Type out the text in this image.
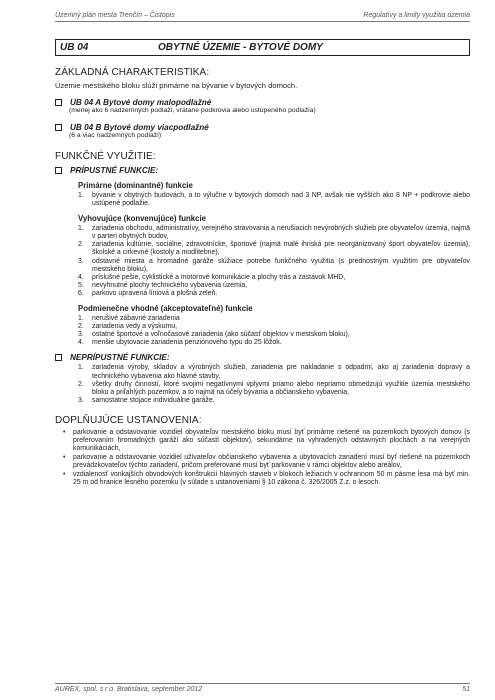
Územný plán mesta Trenčín – Čistopis	Regulatívy a limity využitia územia
UB 04	OBYTNÉ ÚZEMIE - BYTOVÉ DOMY
ZÁKLADNÁ CHARAKTERISTIKA:
Územie mestského bloku slúži primárne na bývanie v bytových domoch.
UB 04 A Bytové domy malopodlažné
(menej ako 6 nadzemných podlaží, vrátane podkrovia alebo ustúpeného podlažia)
UB 04 B Bytové domy viacpodlažné
(6 a viac nadzemných podlaží)
FUNKČNÉ VYUŽITIE:
PRÍPUSTNÉ FUNKCIE:
Primárne (dominantné) funkcie
1.	bývanie v obytných budovách, a to výlučne v bytových domoch nad 3 NP, avšak nie vyšších ako 8 NP + podkrovie alebo ustúpené podlažie.
Vyhovujúce (konvenujúce) funkcie
1.	zariadenia obchodu, administratívy, verejného stravovania a nerušiacich nevýrobných služieb pre obyvateľov územia, najmä v parteri obytných budov,
2.	zariadenia kultúrne, sociálne, zdravotnícke, športové (najmä malé ihriská pre neorganizovaný šport obyvateľov územia), školské a cirkevné (kostoly a modlitebne),
3.	odstavné miesta a hromadné garáže slúžiace potrebe funkčného využitia (s prednostným využitím pre obyvateľov mestského bloku),
4.	príslušné pešie, cyklistické a motorové komunikácie a plochy trás a zastávok MHD,
5.	nevyhnutné plochy technického vybavenia územia,
6.	parkovo upravená líniová a plošná zeleň.
Podmienečne vhodné (akceptovateľné) funkcie
1.	nerušivé zábavné zariadenia
2.	zariadenia vedy a výskumu,
3.	ostatné športové a voľnočasové zariadenia (ako súčasť objektov v mestskom bloku),
4.	menšie ubytovacie zariadenia penziónového typu do 25 lôžok.
NEPRÍPUSTNÉ FUNKCIE:
1.	zariadenia výroby, skladov a výrobných služieb, zariadenia pre nakladanie s odpadmi, ako aj zariadenia dopravy a technického vybavenia ako hlavné stavby,
2.	všetky druhy činností, ktoré svojimi negatívnymi vplyvmi priamo alebo nepriamo obmedzujú využitie územia mestského bloku a priľahlých pozemkov, a to najmä na účely bývania a občianskeho vybavenia,
3.	samostatne stojace individuálne garáže.
DOPLŇUJÚCE USTANOVENIA:
•	parkovanie a odstavovanie vozidiel obyvateľov mestského bloku musí byť primárne riešené na pozemkoch bytových domov (s preferovaním hromadných garáží ako súčastí objektov), sekundárne na vyhradených odstavných plochách a na verejných komunikáciách,
•	parkovanie a odstavovanie vozidiel užívateľov občianskeho vybavenia a ubytovacích zariadení musí byť riešené na pozemkoch prevádzkovateľov týchto zariadení, pričom preferované musí byť parkovanie v rámci objektov alebo areálov,
•	vzdialenosť vonkajších obvodových konštrukcií hlavných stavieb v blokoch ležiacich v ochrannom 50 m pásme lesa má byť min. 25 m od hranice lesného pozemku (v súlade s ustanoveniami § 10 zákona č. 326/2005 Z.z. o lesoch.
AUREX, spol. s r.o. Bratislava, september 2012	51
